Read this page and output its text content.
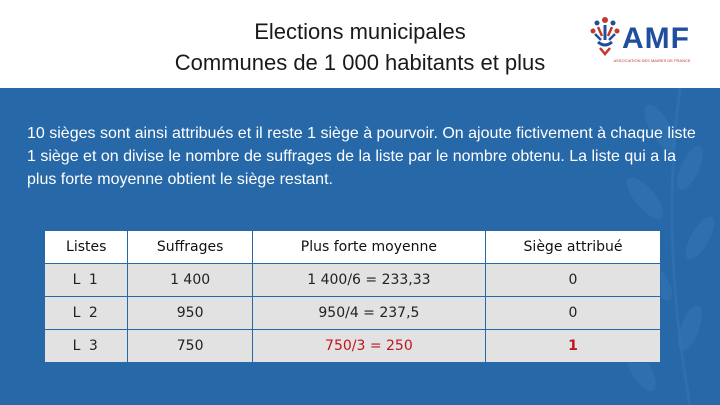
Elections municipales
Communes de 1 000 habitants et plus
AMF
ASSOCIATION DES MAIRES DE FRANCE
10 sièges sont ainsi attribués et il reste 1 siège à pourvoir. On ajoute fictivement à chaque liste 1 siège et on divise le nombre de suffrages de la liste par le nombre obtenu. La liste qui a la plus forte moyenne obtient le siège restant.
Listes	Suffrages	Plus forte moyenne	Siège attribué
L 1	1 400	1 400/6 = 233,33	0
L 2	950	950/4 = 237,5	0
L 3	750	750/3 = 250	1
